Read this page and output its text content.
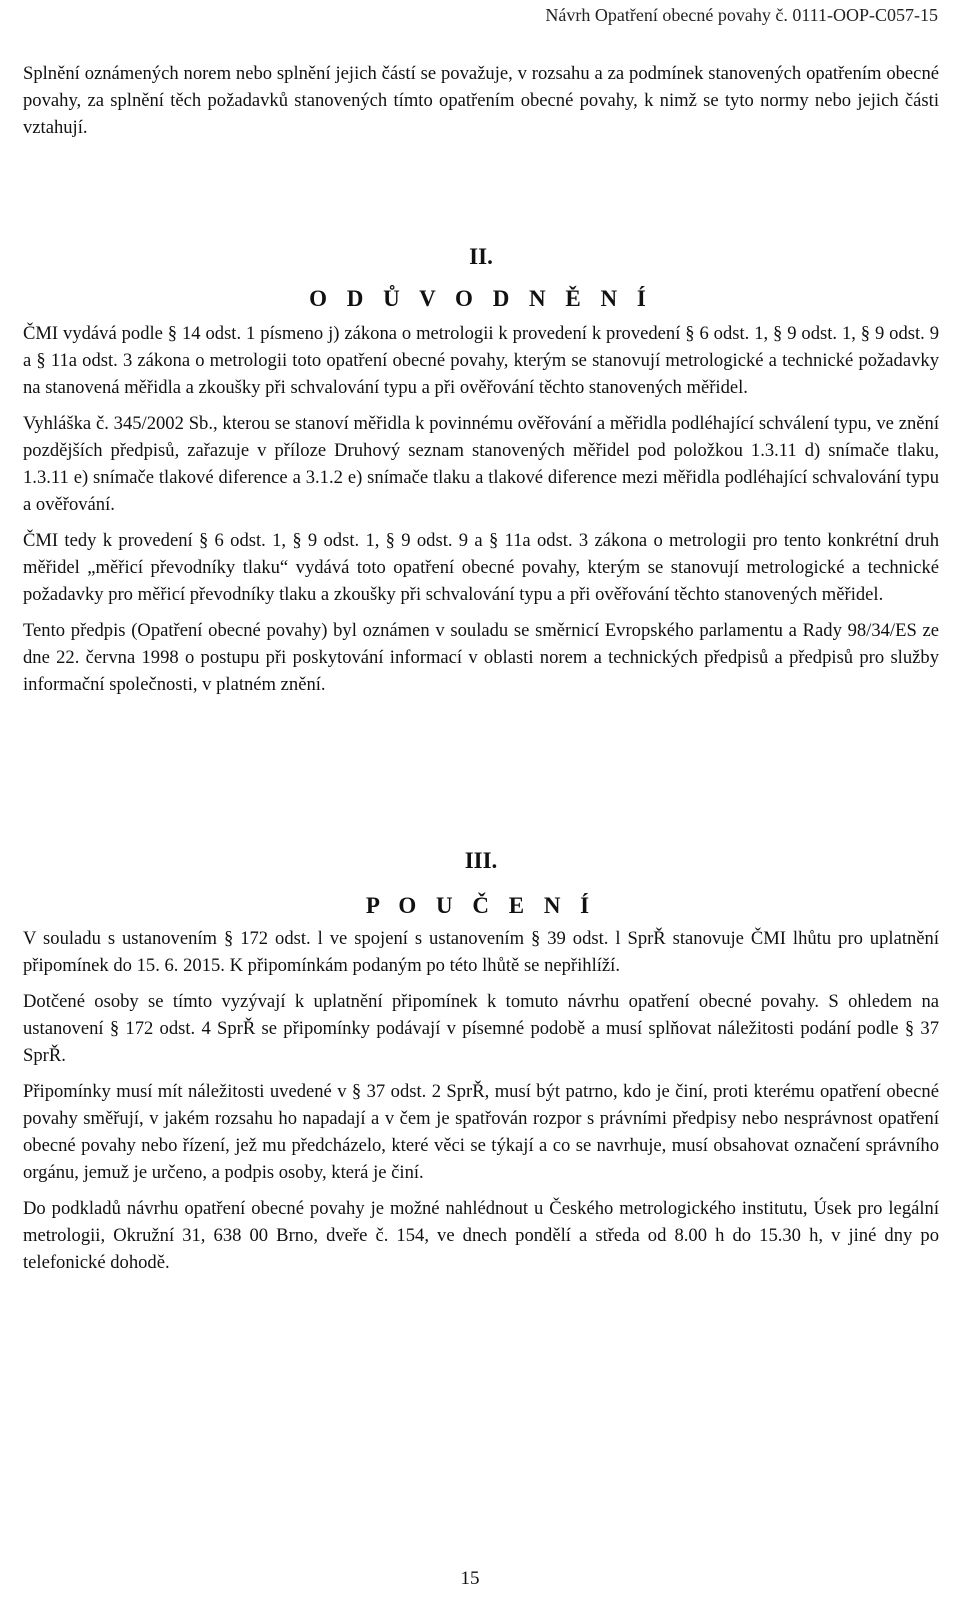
Návrh Opatření obecné povahy č. 0111-OOP-C057-15

Splnění oznámených norem nebo splnění jejich částí se považuje, v rozsahu a za podmínek stanovených opatřením obecné povahy, za splnění těch požadavků stanovených tímto opatřením obecné povahy, k nimž se tyto normy nebo jejich části vztahují.

II.

O D Ů V O D N Ě N Í

ČMI vydává podle § 14 odst. 1 písmeno j) zákona o metrologii k provedení k provedení § 6 odst. 1, § 9 odst. 1, § 9 odst. 9 a § 11a odst. 3 zákona o metrologii toto opatření obecné povahy, kterým se stanovují metrologické a technické požadavky na stanovená měřidla a zkoušky při schvalování typu a při ověřování těchto stanovených měřidel.

Vyhláška č. 345/2002 Sb., kterou se stanoví měřidla k povinnému ověřování a měřidla podléhající schválení typu, ve znění pozdějších předpisů, zařazuje v příloze Druhový seznam stanovených měřidel pod položkou 1.3.11 d) snímače tlaku, 1.3.11 e) snímače tlakové diference a 3.1.2 e) snímače tlaku a tlakové diference mezi měřidla podléhající schvalování typu a ověřování.

ČMI tedy k provedení § 6 odst. 1, § 9 odst. 1, § 9 odst. 9 a § 11a odst. 3 zákona o metrologii pro tento konkrétní druh měřidel „měřicí převodníky tlaku“ vydává toto opatření obecné povahy, kterým se stanovují metrologické a technické požadavky pro měřicí převodníky tlaku a zkoušky při schvalování typu a při ověřování těchto stanovených měřidel.

Tento předpis (Opatření obecné povahy) byl oznámen v souladu se směrnicí Evropského parlamentu a Rady 98/34/ES ze dne 22. června 1998 o postupu při poskytování informací v oblasti norem a technických předpisů a předpisů pro služby informační společnosti, v platném znění.

III.

P O U Č E N Í

V souladu s ustanovením § 172 odst. l ve spojení s ustanovením § 39 odst. l SprŘ stanovuje ČMI lhůtu pro uplatnění připomínek do 15. 6. 2015. K připomínkám podaným po této lhůtě se nepřihlíží.

Dotčené osoby se tímto vyzývají k uplatnění připomínek k tomuto návrhu opatření obecné povahy. S ohledem na ustanovení § 172 odst. 4 SprŘ se připomínky podávají v písemné podobě a musí splňovat náležitosti podání podle § 37 SprŘ.

Připomínky musí mít náležitosti uvedené v § 37 odst. 2 SprŘ, musí být patrno, kdo je činí, proti kterému opatření obecné povahy směřují, v jakém rozsahu ho napadají a v čem je spatřován rozpor s právními předpisy nebo nesprávnost opatření obecné povahy nebo řízení, jež mu předcházelo, které věci se týkají a co se navrhuje, musí obsahovat označení správního orgánu, jemuž je určeno, a podpis osoby, která je činí.

Do podkladů návrhu opatření obecné povahy je možné nahlédnout u Českého metrologického institutu, Úsek pro legální metrologii, Okružní 31, 638 00 Brno, dveře č. 154, ve dnech pondělí a středa od 8.00 h do 15.30 h, v jiné dny po telefonické dohodě.

15
